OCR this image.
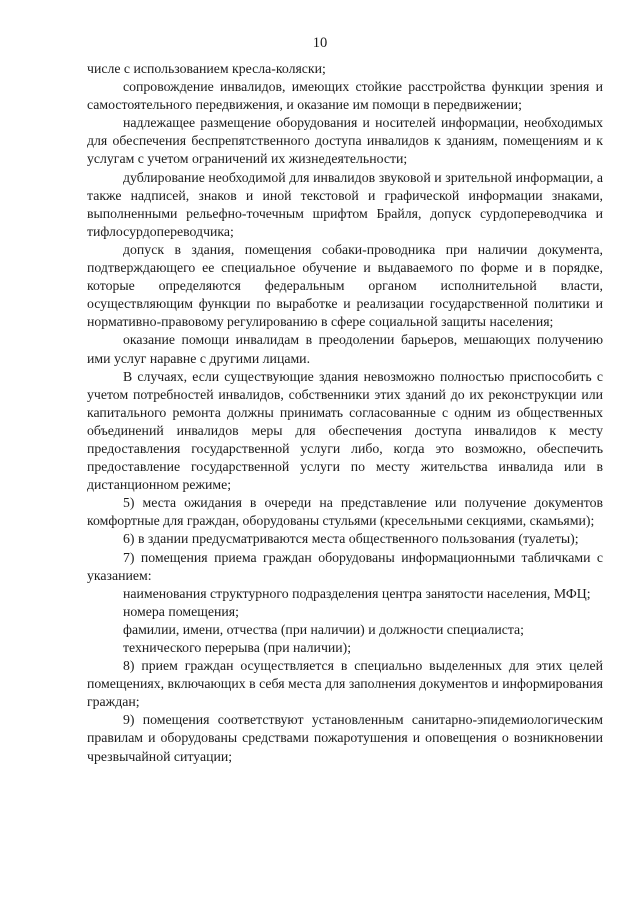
10

числе с использованием кресла-коляски;

сопровождение инвалидов, имеющих стойкие расстройства функции зрения и самостоятельного передвижения, и оказание им помощи в передвижении;

надлежащее размещение оборудования и носителей информации, необходимых для обеспечения беспрепятственного доступа инвалидов к зданиям, помещениям и к услугам с учетом ограничений их жизнедеятельности;

дублирование необходимой для инвалидов звуковой и зрительной информации, а также надписей, знаков и иной текстовой и графической информации знаками, выполненными рельефно-точечным шрифтом Брайля, допуск сурдопереводчика и тифлосурдопереводчика;

допуск в здания, помещения собаки-проводника при наличии документа, подтверждающего ее специальное обучение и выдаваемого по форме и в порядке, которые определяются федеральным органом исполнительной власти, осуществляющим функции по выработке и реализации государственной политики и нормативно-правовому регулированию в сфере социальной защиты населения;

оказание помощи инвалидам в преодолении барьеров, мешающих получению ими услуг наравне с другими лицами.

В случаях, если существующие здания невозможно полностью приспособить с учетом потребностей инвалидов, собственники этих зданий до их реконструкции или капитального ремонта должны принимать согласованные с одним из общественных объединений инвалидов меры для обеспечения доступа инвалидов к месту предоставления государственной услуги либо, когда это возможно, обеспечить предоставление государственной услуги по месту жительства инвалида или в дистанционном режиме;

5) места ожидания в очереди на представление или получение документов комфортные для граждан, оборудованы стульями (кресельными секциями, скамьями);

6) в здании предусматриваются места общественного пользования (туалеты);

7) помещения приема граждан оборудованы информационными табличками с указанием:

наименования структурного подразделения центра занятости населения, МФЦ;

номера помещения;

фамилии, имени, отчества (при наличии) и должности специалиста;

технического перерыва (при наличии);

8) прием граждан осуществляется в специально выделенных для этих целей помещениях, включающих в себя места для заполнения документов и информирования граждан;

9) помещения соответствуют установленным санитарно-эпидемиологическим правилам и оборудованы средствами пожаротушения и оповещения о возникновении чрезвычайной ситуации;
